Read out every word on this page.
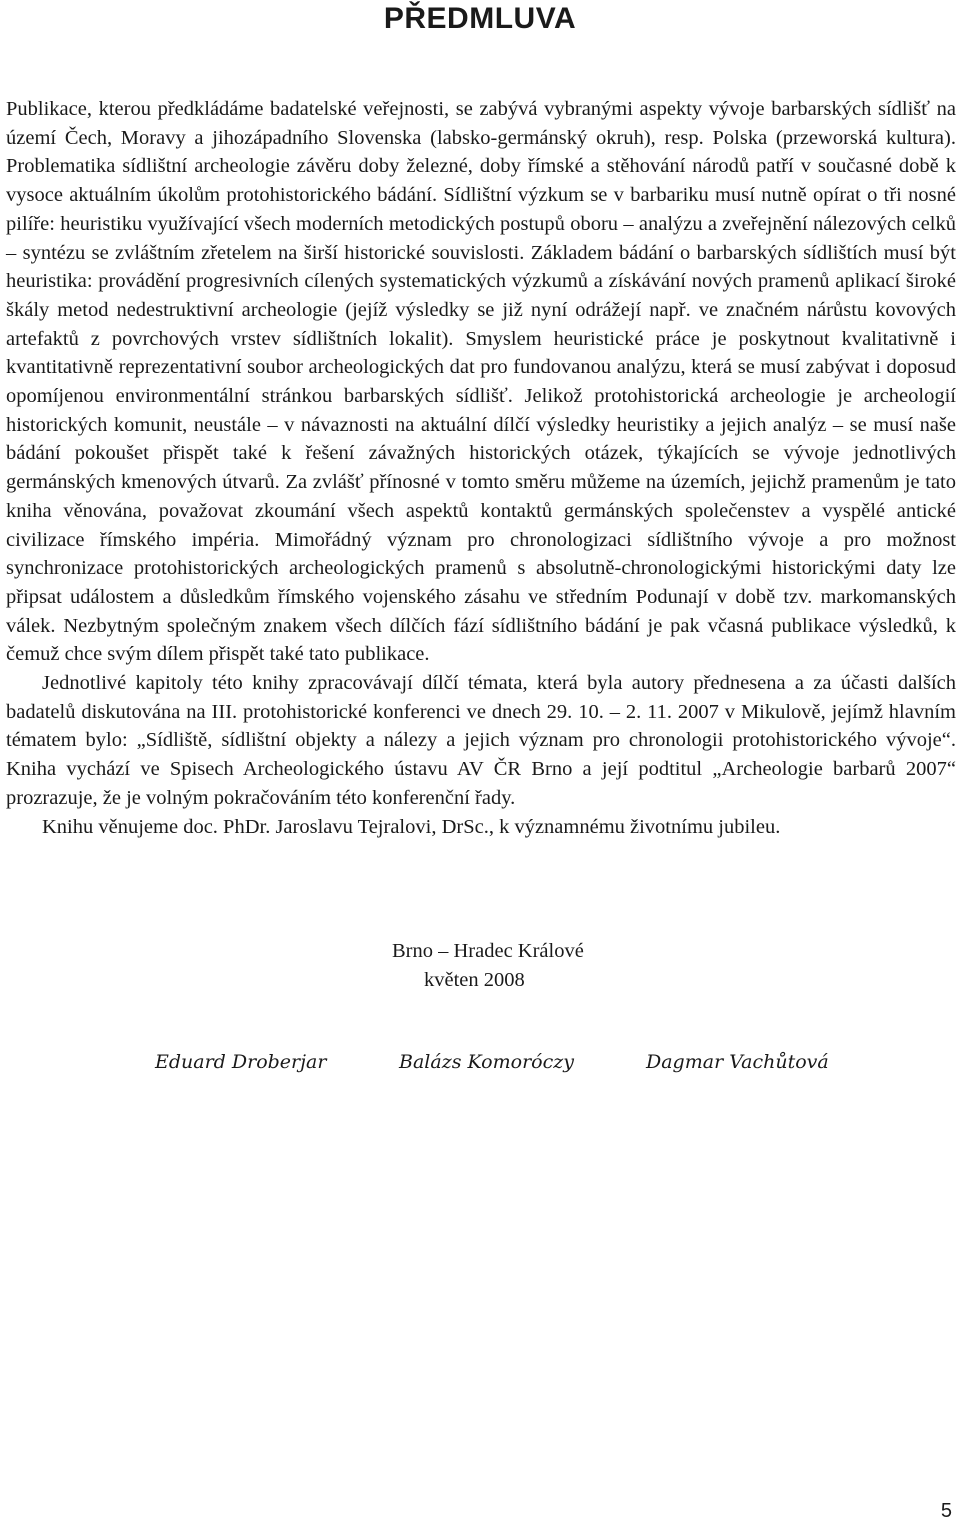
PŘEDMLUVA

Publikace, kterou předkládáme badatelské veřejnosti, se zabývá vybranými aspekty vývoje barbarských sídlišť na území Čech, Moravy a jihozápadního Slovenska (labsko-germánský okruh), resp. Polska (przeworská kultura). Problematika sídlištní archeologie závěru doby železné, doby římské a stěhování národů patří v současné době k vysoce aktuálním úkolům protohistorického bádání. Sídlištní výzkum se v barbariku musí nutně opírat o tři nosné pilíře: heuristiku využívající všech moderních metodických postupů oboru – analýzu a zveřejnění nálezových celků – syntézu se zvláštním zřetelem na širší historické souvislosti. Základem bádání o barbarských sídlištích musí být heuristika: provádění progresivních cílených systematických výzkumů a získávání nových pramenů aplikací široké škály metod nedestruktivní archeologie (jejíž výsledky se již nyní odrážejí např. ve značném nárůstu kovových artefaktů z povrchových vrstev sídlištních lokalit). Smyslem heuristické práce je poskytnout kvalitativně i kvantitativně reprezentativní soubor archeologických dat pro fundovanou analýzu, která se musí zabývat i doposud opomíjenou environmentální stránkou barbarských sídlišť. Jelikož protohistorická archeologie je archeologií historických komunit, neustále – v návaznosti na aktuální dílčí výsledky heuristiky a jejich analýz – se musí naše bádání pokoušet přispět také k řešení závažných historických otázek, týkajících se vývoje jednotlivých germánských kmenových útvarů. Za zvlášť přínosné v tomto směru můžeme na územích, jejichž pramenům je tato kniha věnována, považovat zkoumání všech aspektů kontaktů germánských společenstev a vyspělé antické civilizace římského impéria. Mimořádný význam pro chronologizaci sídlištního vývoje a pro možnost synchronizace protohistorických archeologických pramenů s absolutně-chronologickými historickými daty lze připsat událostem a důsledkům římského vojenského zásahu ve středním Podunají v době tzv. markomanských válek. Nezbytným společným znakem všech dílčích fází sídlištního bádání je pak včasná publikace výsledků, k čemuž chce svým dílem přispět také tato publikace.

Jednotlivé kapitoly této knihy zpracovávají dílčí témata, která byla autory přednesena a za účasti dalších badatelů diskutována na III. protohistorické konferenci ve dnech 29. 10. – 2. 11. 2007 v Mikulově, jejímž hlavním tématem bylo: „Sídliště, sídlištní objekty a nálezy a jejich význam pro chronologii protohistorického vývoje“. Kniha vychází ve Spisech Archeologického ústavu AV ČR Brno a její podtitul „Archeologie barbarů 2007“ prozrazuje, že je volným pokračováním této konferenční řady.

Knihu věnujeme doc. PhDr. Jaroslavu Tejralovi, DrSc., k významnému životnímu jubileu.

Brno – Hradec Králové
květen 2008
Eduard Droberjar	Balázs Komoróczy	Dagmar Vachůtová
5
